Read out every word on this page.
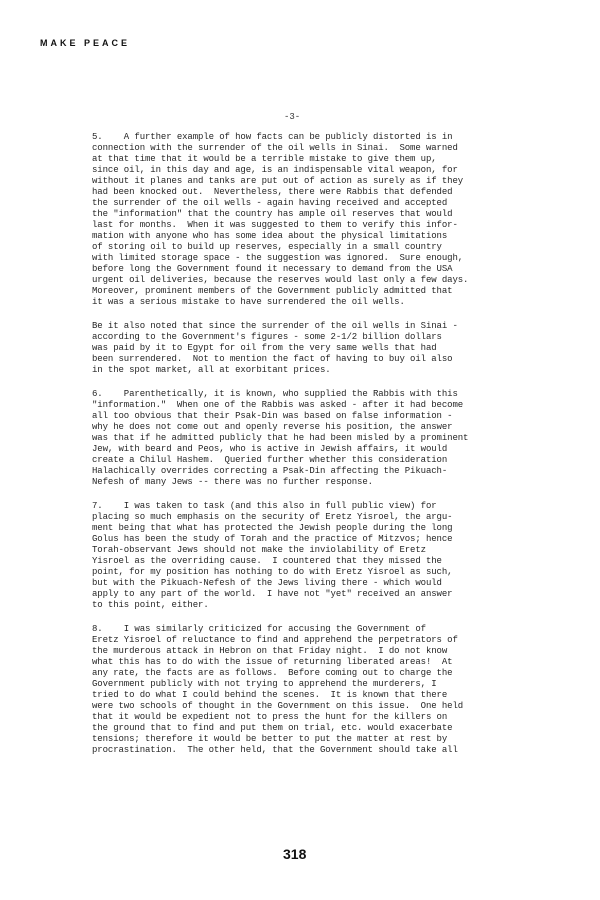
MAKE PEACE
-3-
5.    A further example of how facts can be publicly distorted is in
connection with the surrender of the oil wells in Sinai.  Some warned
at that time that it would be a terrible mistake to give them up,
since oil, in this day and age, is an indispensable vital weapon, for
without it planes and tanks are put out of action as surely as if they
had been knocked out.  Nevertheless, there were Rabbis that defended
the surrender of the oil wells - again having received and accepted
the "information" that the country has ample oil reserves that would
last for months.  When it was suggested to them to verify this infor-
mation with anyone who has some idea about the physical limitations
of storing oil to build up reserves, especially in a small country
with limited storage space - the suggestion was ignored.  Sure enough,
before long the Government found it necessary to demand from the USA
urgent oil deliveries, because the reserves would last only a few days.
Moreover, prominent members of the Government publicly admitted that
it was a serious mistake to have surrendered the oil wells.
Be it also noted that since the surrender of the oil wells in Sinai -
according to the Government's figures - some 2-1/2 billion dollars
was paid by it to Egypt for oil from the very same wells that had
been surrendered.  Not to mention the fact of having to buy oil also
in the spot market, all at exorbitant prices.
6.    Parenthetically, it is known, who supplied the Rabbis with this
"information."  When one of the Rabbis was asked - after it had become
all too obvious that their Psak-Din was based on false information -
why he does not come out and openly reverse his position, the answer
was that if he admitted publicly that he had been misled by a prominent
Jew, with beard and Peos, who is active in Jewish affairs, it would
create a Chilul Hashem.  Queried further whether this consideration
Halachically overrides correcting a Psak-Din affecting the Pikuach-
Nefesh of many Jews -- there was no further response.
7.    I was taken to task (and this also in full public view) for
placing so much emphasis on the security of Eretz Yisroel, the argu-
ment being that what has protected the Jewish people during the long
Golus has been the study of Torah and the practice of Mitzvos; hence
Torah-observant Jews should not make the inviolability of Eretz
Yisroel as the overriding cause.  I countered that they missed the
point, for my position has nothing to do with Eretz Yisroel as such,
but with the Pikuach-Nefesh of the Jews living there - which would
apply to any part of the world.  I have not "yet" received an answer
to this point, either.
8.    I was similarly criticized for accusing the Government of
Eretz Yisroel of reluctance to find and apprehend the perpetrators of
the murderous attack in Hebron on that Friday night.  I do not know
what this has to do with the issue of returning liberated areas!  At
any rate, the facts are as follows.  Before coming out to charge the
Government publicly with not trying to apprehend the murderers, I
tried to do what I could behind the scenes.  It is known that there
were two schools of thought in the Government on this issue.  One held
that it would be expedient not to press the hunt for the killers on
the ground that to find and put them on trial, etc. would exacerbate
tensions; therefore it would be better to put the matter at rest by
procrastination.  The other held, that the Government should take all
318
